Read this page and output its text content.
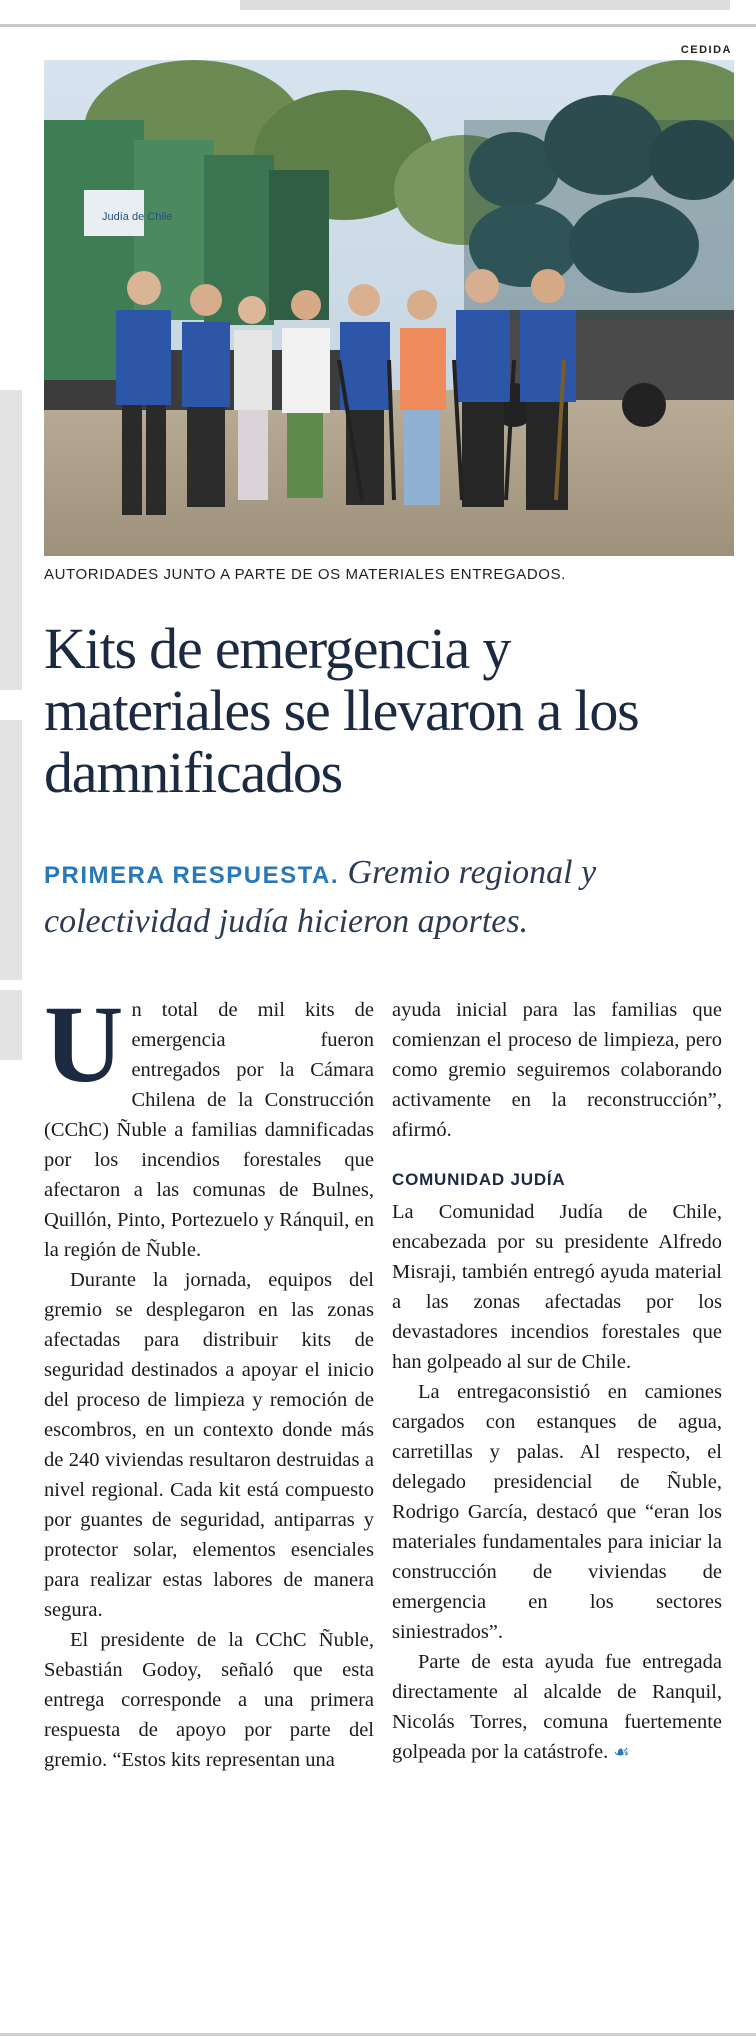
CEDIDA
Judía de Chile
AUTORIDADES JUNTO A PARTE DE OS MATERIALES ENTREGADOS.
Kits de emergencia y materiales se llevaron a los damnificados
PRIMERA RESPUESTA. Gremio regional y colectividad judía hicieron aportes.

Un total de mil kits de emergencia fueron entregados por la Cámara Chilena de la Construcción (CChC) Ñuble a familias damnificadas por los incendios forestales que afectaron a las comunas de Bulnes, Quillón, Pinto, Portezuelo y Ránquil, en la región de Ñuble.

Durante la jornada, equipos del gremio se desplegaron en las zonas afectadas para distribuir kits de seguridad destinados a apoyar el inicio del proceso de limpieza y remoción de escombros, en un contexto donde más de 240 viviendas resultaron destruidas a nivel regional. Cada kit está compuesto por guantes de seguridad, antiparras y protector solar, elementos esenciales para realizar estas labores de manera segura.

El presidente de la CChC Ñuble, Sebastián Godoy, señaló que esta entrega corresponde a una primera respuesta de apoyo por parte del gremio. “Estos kits representan una

ayuda inicial para las familias que comienzan el proceso de limpieza, pero como gremio seguiremos colaborando activamente en la reconstrucción”, afirmó.

COMUNIDAD JUDÍA

La Comunidad Judía de Chile, encabezada por su presidente Alfredo Misraji, también entregó ayuda material a las zonas afectadas por los devastadores incendios forestales que han golpeado al sur de Chile.

La entregaconsistió en camiones cargados con estanques de agua, carretillas y palas. Al respecto, el delegado presidencial de Ñuble, Rodrigo García, destacó que “eran los materiales fundamentales para iniciar la construcción de viviendas de emergencia en los sectores siniestrados”.

Parte de esta ayuda fue entregada directamente al alcalde de Ranquil, Nicolás Torres, comuna fuertemente golpeada por la catástrofe. ☙
